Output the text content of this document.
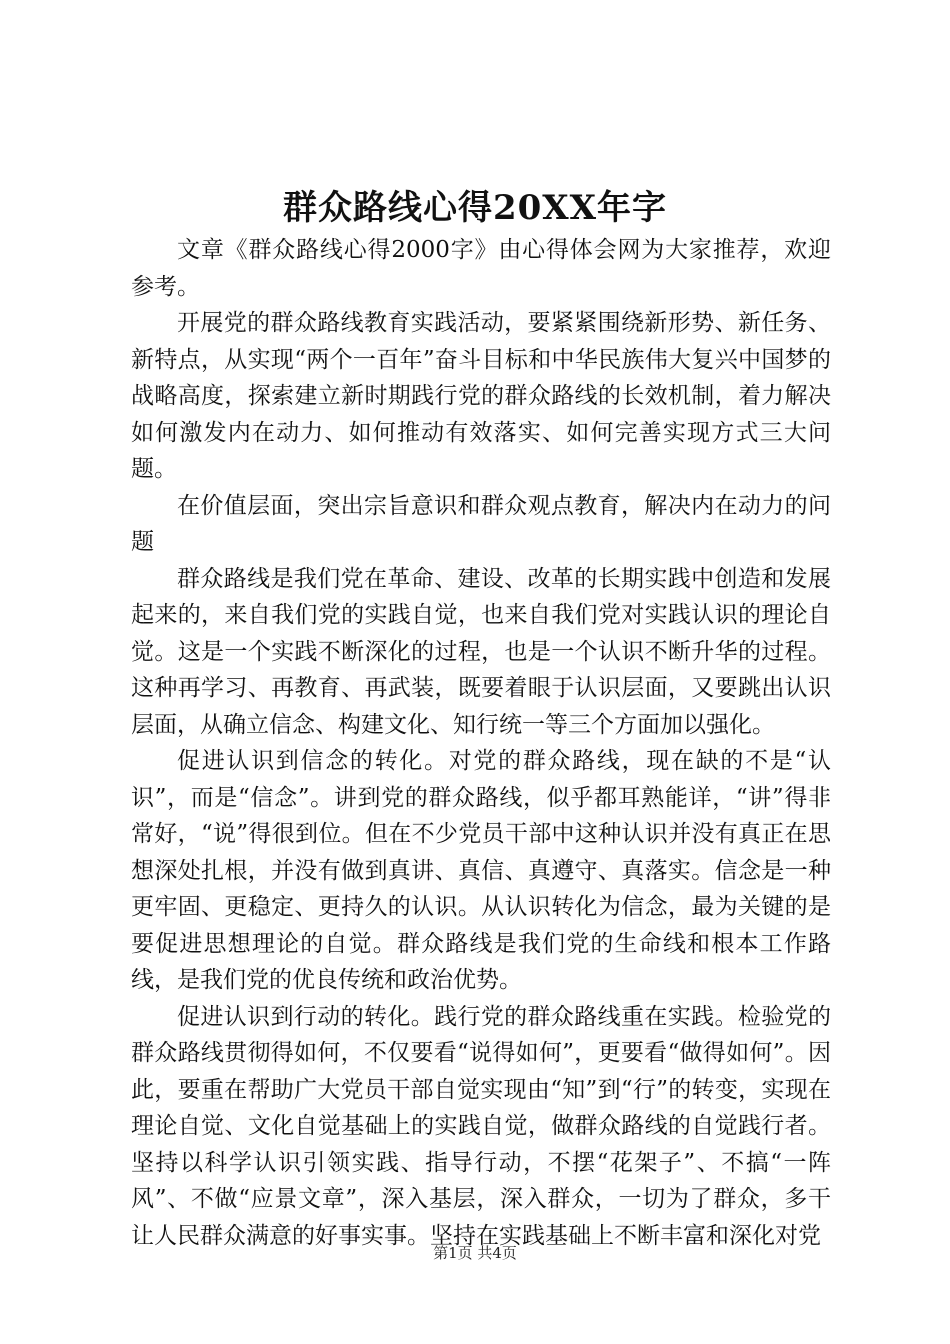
群众路线心得20XX年字

文章《群众路线心得2000字》由心得体会网为大家推荐，欢迎参考。

开展党的群众路线教育实践活动，要紧紧围绕新形势、新任务、新特点，从实现“两个一百年”奋斗目标和中华民族伟大复兴中国梦的战略高度，探索建立新时期践行党的群众路线的长效机制，着力解决如何激发内在动力、如何推动有效落实、如何完善实现方式三大问题。

在价值层面，突出宗旨意识和群众观点教育，解决内在动力的问题

群众路线是我们党在革命、建设、改革的长期实践中创造和发展起来的，来自我们党的实践自觉，也来自我们党对实践认识的理论自觉。这是一个实践不断深化的过程，也是一个认识不断升华的过程。这种再学习、再教育、再武装，既要着眼于认识层面，又要跳出认识层面，从确立信念、构建文化、知行统一等三个方面加以强化。

促进认识到信念的转化。对党的群众路线，现在缺的不是“认识”，而是“信念”。讲到党的群众路线，似乎都耳熟能详，“讲”得非常好，“说”得很到位。但在不少党员干部中这种认识并没有真正在思想深处扎根，并没有做到真讲、真信、真遵守、真落实。信念是一种更牢固、更稳定、更持久的认识。从认识转化为信念，最为关键的是要促进思想理论的自觉。群众路线是我们党的生命线和根本工作路线，是我们党的优良传统和政治优势。

促进认识到行动的转化。践行党的群众路线重在实践。检验党的群众路线贯彻得如何，不仅要看“说得如何”，更要看“做得如何”。因此，要重在帮助广大党员干部自觉实现由“知”到“行”的转变，实现在理论自觉、文化自觉基础上的实践自觉，做群众路线的自觉践行者。坚持以科学认识引领实践、指导行动，不摆“花架子”、不搞“一阵风”、不做“应景文章”，深入基层，深入群众，一切为了群众，多干让人民群众满意的好事实事。坚持在实践基础上不断丰富和深化对党

第1页 共4页
